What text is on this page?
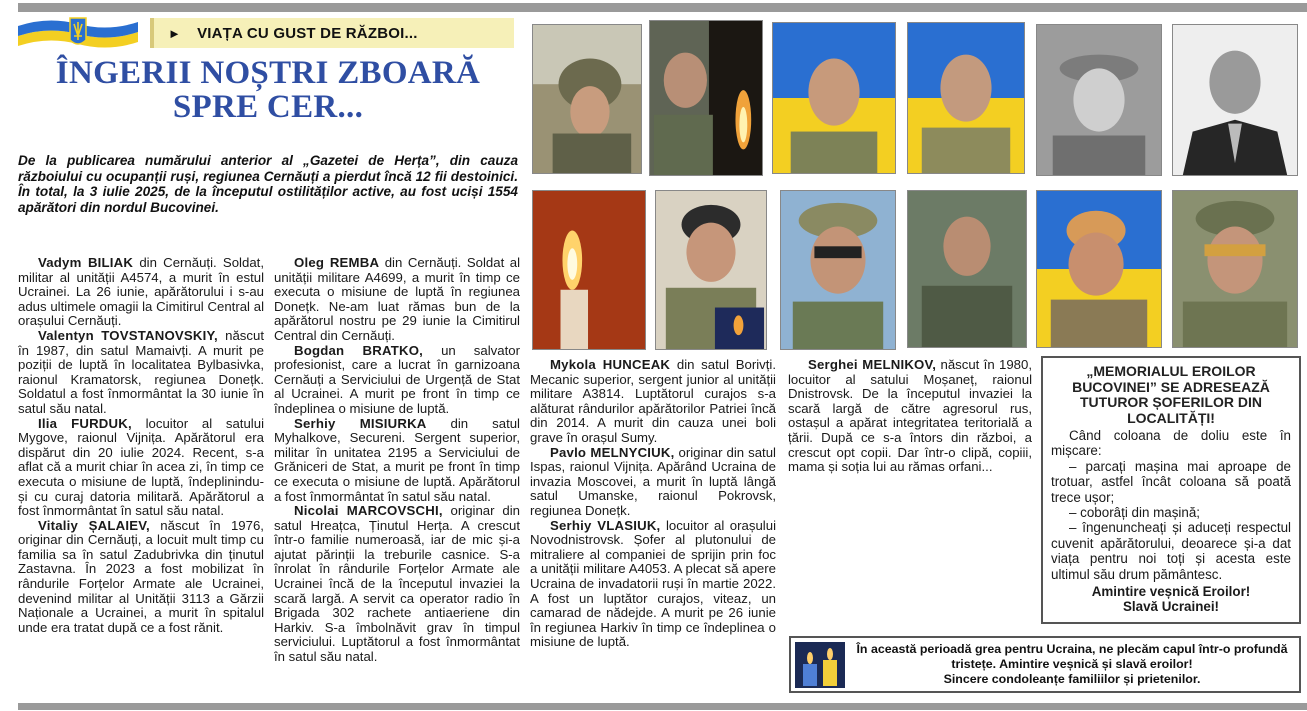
► VIAȚA CU GUST DE RĂZBOI...
ÎNGERII NOȘTRI ZBOARĂ
SPRE CER...
De la publicarea numărului anterior al „Gazetei de Herța”, din cauza războiului cu ocupanții ruși, regiunea Cernăuți a pierdut încă 12 fii destoinici. În total, la 3 iulie 2025, de la începutul ostilităților active, au fost uciși 1554 apărători din nordul Bucovinei.

Vadym BILIAK din Cernăuți. Soldat, militar al unității A4574, a murit în estul Ucrainei. La 26 iunie, apărătorului i s-au adus ultimele omagii la Cimitirul Central al orașului Cernăuți.

Valentyn TOVSTANOVSKIY, născut în 1987, din satul Mamaivți. A murit pe poziții de luptă în localitatea Bylbasivka, raionul Kramatorsk, regiunea Donețk. Soldatul a fost înmormântat la 30 iunie în satul său natal.

Ilia FURDUK, locuitor al satului Mygove, raionul Vijnița. Apărătorul era dispărut din 20 iulie 2024. Recent, s-a aflat că a murit chiar în acea zi, în timp ce executa o misiune de luptă, îndeplinindu-și cu curaj datoria militară. Apărătorul a fost înmormântat în satul său natal.

Vitaliy ȘALAIEV, născut în 1976, originar din Cernăuți, a locuit mult timp cu familia sa în satul Zadubrivka din ținutul Zastavna. În 2023 a fost mobilizat în rândurile Forțelor Armate ale Ucrainei, devenind militar al Unității 3113 a Gărzii Naționale a Ucrainei, a murit în spitalul unde era tratat după ce a fost rănit.

Oleg REMBA din Cernăuți. Soldat al unității militare A4699, a murit în timp ce executa o misiune de luptă în regiunea Donețk. Ne-am luat rămas bun de la apărătorul nostru pe 29 iunie la Cimitirul Central din Cernăuți.

Bogdan BRATKO, un salvator profesionist, care a lucrat în garnizoana Cernăuți a Serviciului de Urgență de Stat al Ucrainei. A murit pe front în timp ce îndeplinea o misiune de luptă.

Serhiy MISIURKA din satul Myhalkove, Secureni. Sergent superior, militar în unitatea 2195 a Serviciului de Grăniceri de Stat, a murit pe front în timp ce executa o misiune de luptă. Apărătorul a fost înmormântat în satul său natal.

Nicolai MARCOVSCHI, originar din satul Hreațca, Ținutul Herța. A crescut într-o familie numeroasă, iar de mic și-a ajutat părinții la treburile casnice. S-a înrolat în rândurile Forțelor Armate ale Ucrainei încă de la începutul invaziei la scară largă. A servit ca operator radio în Brigada 302 rachete antiaeriene din Harkiv. S-a îmbolnăvit grav în timpul serviciului. Luptătorul a fost înmormântat în satul său natal.

Mykola HUNCEAK din satul Borivți. Mecanic superior, sergent junior al unității militare A3814. Luptătorul curajos s-a alăturat rândurilor apărătorilor Patriei încă din 2014. A murit din cauza unei boli grave în orașul Sumy.

Pavlo MELNYCIUK, originar din satul Ispas, raionul Vijnița. Apărând Ucraina de invazia Moscovei, a murit în luptă lângă satul Umanske, raionul Pokrovsk, regiunea Donețk.

Serhiy VLASIUK, locuitor al orașului Novodnistrovsk. Șofer al plutonului de mitraliere al companiei de sprijin prin foc a unității militare A4053. A plecat să apere Ucraina de invadatorii ruși în martie 2022. A fost un luptător curajos, viteaz, un camarad de nădejde. A murit pe 26 iunie în regiunea Harkiv în timp ce îndeplinea o misiune de luptă.

Serghei MELNIKOV, născut în 1980, locuitor al satului Moșaneț, raionul Dnistrovsk. De la începutul invaziei la scară largă de către agresorul rus, ostașul a apărat integritatea teritorială a țării. După ce s-a întors din război, a crescut opt copii. Dar într-o clipă, copiii, mama și soția lui au rămas orfani...

„MEMORIALUL EROILOR BUCOVINEI” SE ADRESEAZĂ TUTUROR ȘOFERILOR DIN LOCALITĂȚI!
Când coloana de doliu este în mișcare:
– parcați mașina mai aproape de trotuar, astfel încât coloana să poată trece ușor;
– coborâți din mașină;
– îngenuncheați și aduceți respectul cuvenit apărătorului, deoarece și-a dat viața pentru noi toți și acesta este ultimul său drum pământesc.
Amintire veșnică Eroilor!
Slavă Ucrainei!
În această perioadă grea pentru Ucraina, ne plecăm capul într-o profundă tristețe. Amintire veșnică și slavă eroilor!
Sincere condoleanțe familiilor și prietenilor.
